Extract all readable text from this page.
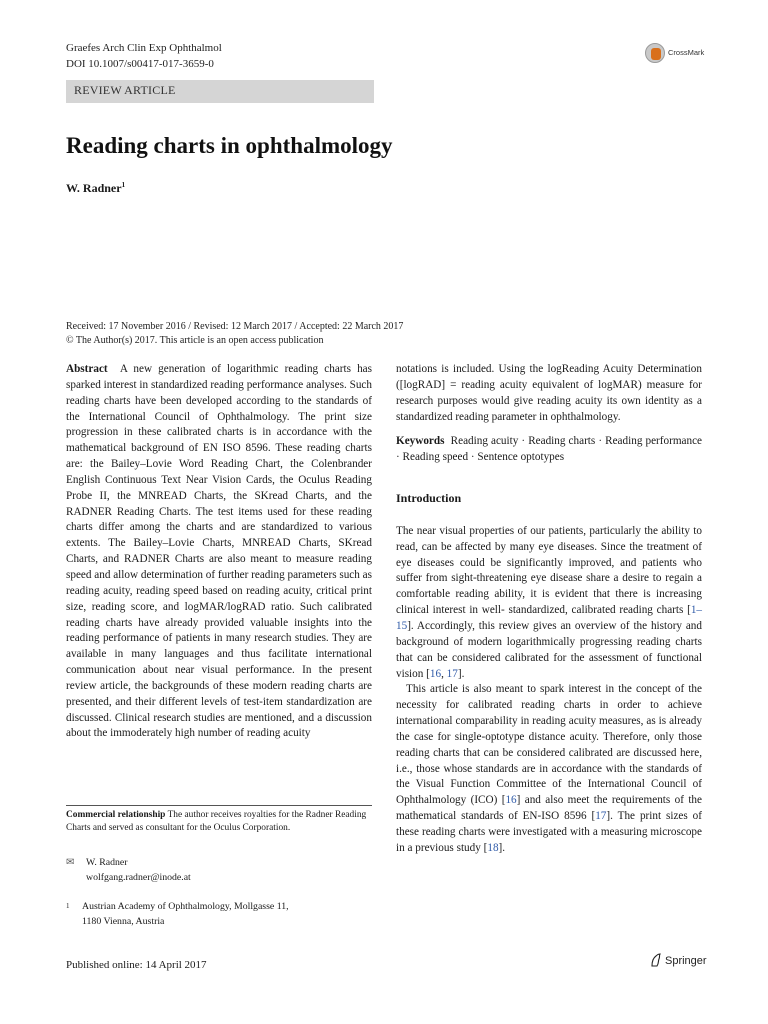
Graefes Arch Clin Exp Ophthalmol
DOI 10.1007/s00417-017-3659-0
CrossMark
REVIEW ARTICLE
Reading charts in ophthalmology
W. Radner$^1$
Received: 17 November 2016 / Revised: 12 March 2017 / Accepted: 22 March 2017
© The Author(s) 2017. This article is an open access publication

Abstract A new generation of logarithmic reading charts has sparked interest in standardized reading performance analyses. Such reading charts have been developed according to the standards of the International Council of Ophthalmology. The print size progression in these calibrated charts is in accordance with the mathematical background of EN ISO 8596. These reading charts are: the Bailey–Lovie Word Reading Chart, the Colenbrander English Continuous Text Near Vision Cards, the Oculus Reading Probe II, the MNREAD Charts, the SKread Charts, and the RADNER Reading Charts. The test items used for these reading charts differ among the charts and are standardized to various extents. The Bailey–Lovie Charts, MNREAD Charts, SKread Charts, and RADNER Charts are also meant to measure reading speed and allow determination of further reading parameters such as reading acuity, reading speed based on reading acuity, critical print size, reading score, and logMAR/logRAD ratio. Such calibrated reading charts have already provided valuable insights into the reading performance of patients in many research studies. They are available in many languages and thus facilitate international communication about near visual performance. In the present review article, the backgrounds of these modern reading charts are presented, and their different levels of test-item standardization are discussed. Clinical research studies are mentioned, and a discussion about the immoderately high number of reading acuity

Commercial relationship The author receives royalties for the Radner Reading Charts and served as consultant for the Oculus Corporation.
✉ W. Radner
wolfgang.radner@inode.at
$^1$ Austrian Academy of Ophthalmology, Mollgasse 11,
1180 Vienna, Austria

notations is included. Using the logReading Acuity Determination ([logRAD] = reading acuity equivalent of logMAR) measure for research purposes would give reading acuity its own identity as a standardized reading parameter in ophthalmology.

Keywords Reading acuity · Reading charts · Reading performance · Reading speed · Sentence optotypes

Introduction

The near visual properties of our patients, particularly the ability to read, can be affected by many eye diseases. Since the treatment of eye diseases could be significantly improved, and patients who suffer from sight-threatening eye disease share a desire to regain a comfortable reading ability, it is evident that there is increasing clinical interest in well- standardized, calibrated reading charts [1–15]. Accordingly, this review gives an overview of the history and background of modern logarithmically progressing reading charts that can be considered calibrated for the assessment of functional vision [16, 17].

This article is also meant to spark interest in the concept of the necessity for calibrated reading charts in order to achieve international comparability in reading acuity measures, as is already the case for single-optotype distance acuity. Therefore, only those reading charts that can be considered calibrated are discussed here, i.e., those whose standards are in accordance with the standards of the Visual Function Committee of the International Council of Ophthalmology (ICO) [16] and also meet the requirements of the mathematical standards of EN-ISO 8596 [17]. The print sizes of these reading charts were investigated with a measuring microscope in a previous study [18].

Published online: 14 April 2017	Springer
